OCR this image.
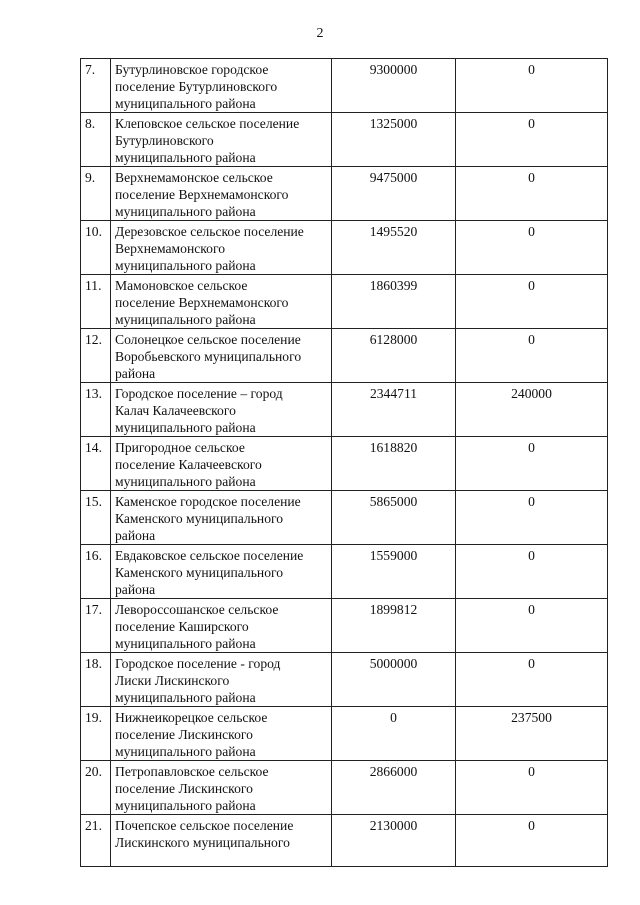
2
7.	Бутурлиновское городское
поселение Бутурлиновского
муниципального района	9300000	0
8.	Клеповское сельское поселение
Бутурлиновского
муниципального района	1325000	0
9.	Верхнемамонское сельское
поселение Верхнемамонского
муниципального района	9475000	0
10.	Дерезовское сельское поселение
Верхнемамонского
муниципального района	1495520	0
11.	Мамоновское сельское
поселение Верхнемамонского
муниципального района	1860399	0
12.	Солонецкое сельское поселение
Воробьевского муниципального
района	6128000	0
13.	Городское поселение – город
Калач Калачеевского
муниципального района	2344711	240000
14.	Пригородное сельское
поселение Калачеевского
муниципального района	1618820	0
15.	Каменское городское поселение
Каменского муниципального
района	5865000	0
16.	Евдаковское сельское поселение
Каменского муниципального
района	1559000	0
17.	Левороссошанское сельское
поселение Каширского
муниципального района	1899812	0
18.	Городское поселение - город
Лиски Лискинского
муниципального района	5000000	0
19.	Нижнеикорецкое сельское
поселение Лискинского
муниципального района	0	237500
20.	Петропавловское сельское
поселение Лискинского
муниципального района	2866000	0
21.	Почепское сельское поселение
Лискинского муниципального	2130000	0
